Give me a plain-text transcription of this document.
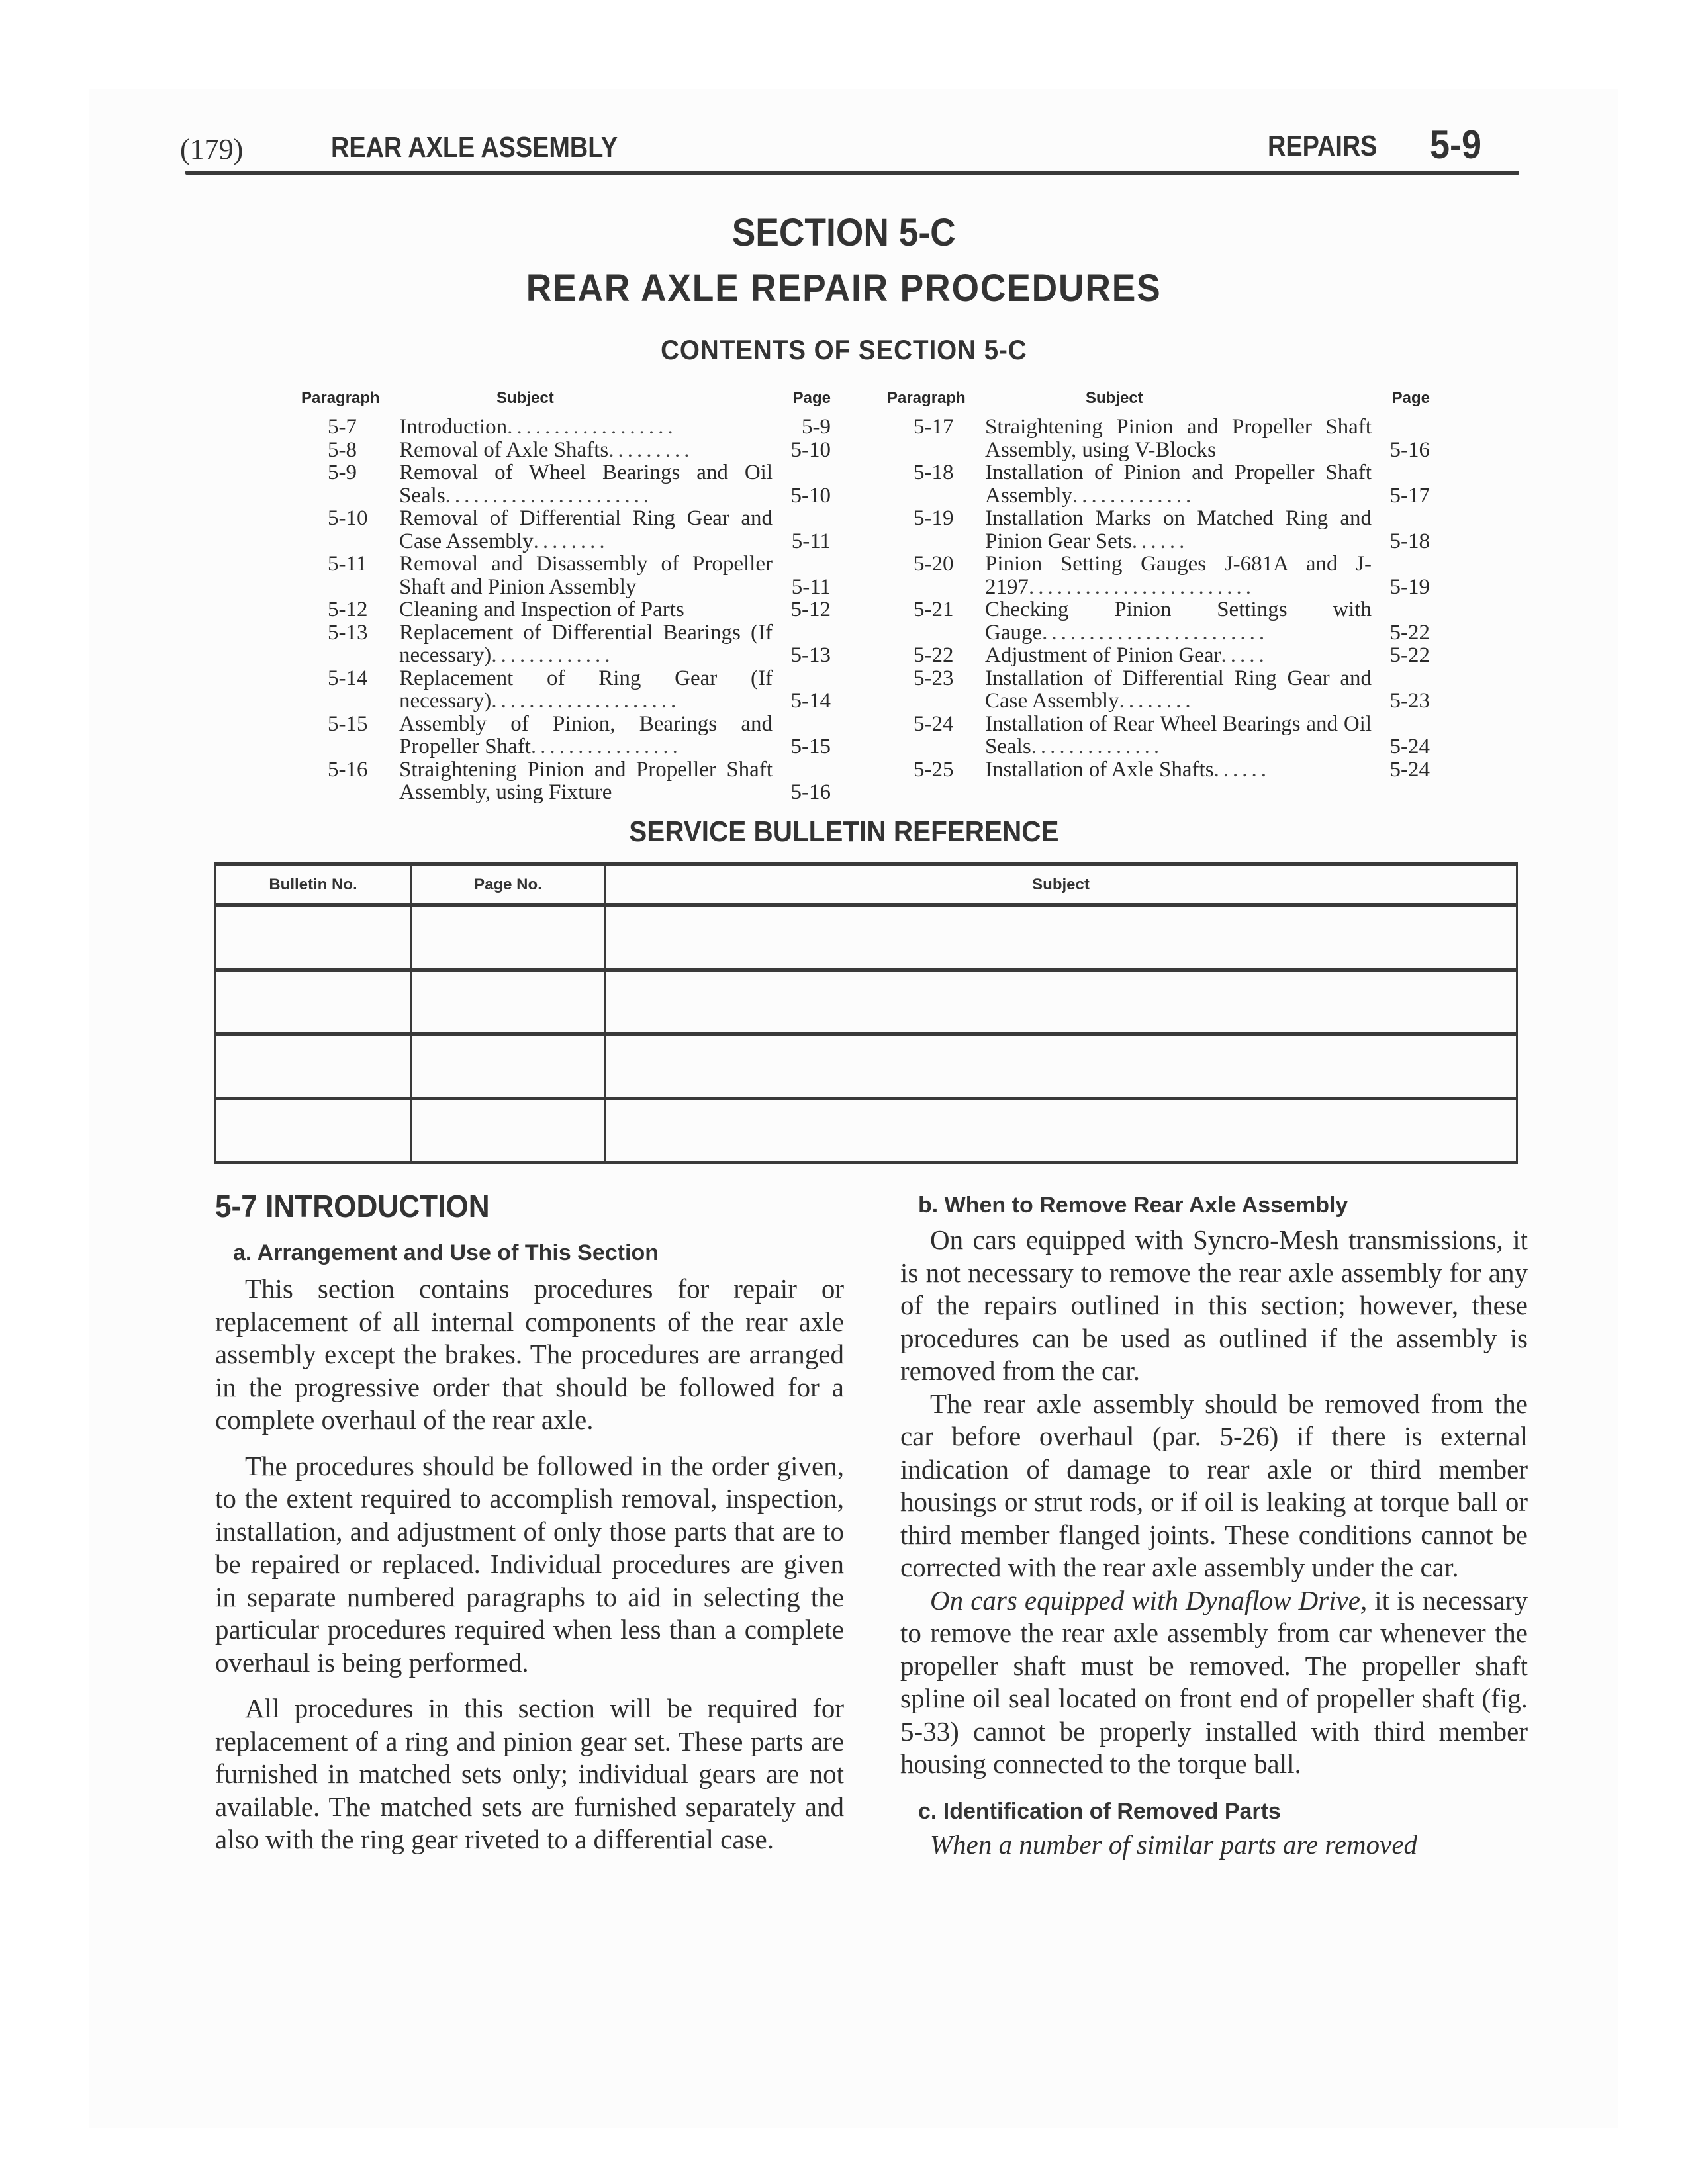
(179)	REAR AXLE ASSEMBLY	REPAIRS 5-9
SECTION 5-C
REAR AXLE REPAIR PROCEDURES
CONTENTS OF SECTION 5-C
Paragraph	Subject	Page
5-7 Introduction..................	5-9
5-8 Removal of Axle Shafts.........	5-10
5-9 Removal of Wheel Bearings and Oil Seals......................	5-10
5-10 Removal of Differential Ring Gear and Case Assembly........	5-11
5-11 Removal and Disassembly of Propeller Shaft and Pinion Assembly	5-11
5-12 Cleaning and Inspection of Parts	5-12
5-13 Replacement of Differential Bearings (If necessary).............	5-13
5-14 Replacement of Ring Gear (If necessary)....................	5-14
5-15 Assembly of Pinion, Bearings and Propeller Shaft................	5-15
5-16 Straightening Pinion and Propeller Shaft Assembly, using Fixture	5-16
Paragraph	Subject	Page
5-17 Straightening Pinion and Propeller Shaft Assembly, using V-Blocks	5-16
5-18 Installation of Pinion and Propeller Shaft Assembly.............	5-17
5-19 Installation Marks on Matched Ring and Pinion Gear Sets......	5-18
5-20 Pinion Setting Gauges J-681A and J-2197........................	5-19
5-21 Checking Pinion Settings with Gauge........................	5-22
5-22 Adjustment of Pinion Gear.....	5-22
5-23 Installation of Differential Ring Gear and Case Assembly........	5-23
5-24 Installation of Rear Wheel Bearings and Oil Seals..............	5-24
5-25 Installation of Axle Shafts......	5-24
SERVICE BULLETIN REFERENCE
Bulletin No.	Page No.	Subject

5-7 INTRODUCTION

a. Arrangement and Use of This Section

This section contains procedures for repair or replacement of all internal components of the rear axle assembly except the brakes. The procedures are arranged in the progressive order that should be followed for a complete overhaul of the rear axle.

The procedures should be followed in the order given, to the extent required to accomplish removal, inspection, installation, and adjustment of only those parts that are to be repaired or replaced. Individual procedures are given in separate numbered paragraphs to aid in selecting the particular procedures required when less than a complete overhaul is being performed.

All procedures in this section will be required for replacement of a ring and pinion gear set. These parts are furnished in matched sets only; individual gears are not available. The matched sets are furnished separately and also with the ring gear riveted to a differential case.

b. When to Remove Rear Axle Assembly

On cars equipped with Syncro-Mesh transmissions, it is not necessary to remove the rear axle assembly for any of the repairs outlined in this section; however, these procedures can be used as outlined if the assembly is removed from the car.

The rear axle assembly should be removed from the car before overhaul (par. 5-26) if there is external indication of damage to rear axle or third member housings or strut rods, or if oil is leaking at torque ball or third member flanged joints. These conditions cannot be corrected with the rear axle assembly under the car.

On cars equipped with Dynaflow Drive, it is necessary to remove the rear axle assembly from car whenever the propeller shaft must be removed. The propeller shaft spline oil seal located on front end of propeller shaft (fig. 5-33) cannot be properly installed with third member housing connected to the torque ball.

c. Identification of Removed Parts

When a number of similar parts are removed
